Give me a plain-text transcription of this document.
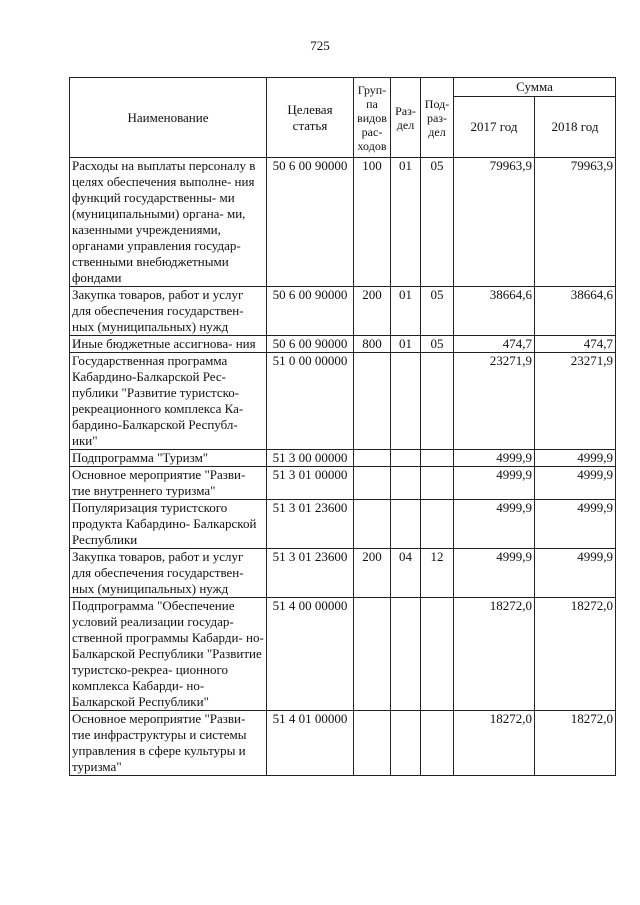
725
Наименование	Целевая статья	Груп- па видов рас- ходов	Раз- дел	Под- раз- дел	Сумма	
					2017 год	2018 год
Расходы на выплаты персоналу в целях обеспечения выполне- ния функций государственны- ми (муниципальными) органа- ми, казенными учреждениями, органами управления государ- ственными внебюджетными фондами	50 6 00 90000	100	01	05	79963,9	79963,9
Закупка товаров, работ и услуг для обеспечения государствен- ных (муниципальных) нужд	50 6 00 90000	200	01	05	38664,6	38664,6
Иные бюджетные ассигнова- ния	50 6 00 90000	800	01	05	474,7	474,7
Государственная программа Кабардино-Балкарской Рес- публики "Развитие туристско- рекреационного комплекса Ка- бардино-Балкарской Республ- ики"	51 0 00 00000				23271,9	23271,9
Подпрограмма "Туризм"	51 3 00 00000				4999,9	4999,9
Основное мероприятие "Разви- тие внутреннего туризма"	51 3 01 00000				4999,9	4999,9
Популяризация туристского продукта Кабардино- Балкарской Республики	51 3 01 23600				4999,9	4999,9
Закупка товаров, работ и услуг для обеспечения государствен- ных (муниципальных) нужд	51 3 01 23600	200	04	12	4999,9	4999,9
Подпрограмма "Обеспечение условий реализации государ- ственной программы Кабарди- но-Балкарской Республики "Развитие туристско-рекреа- ционного комплекса Кабарди- но-Балкарской Республики"	51 4 00 00000				18272,0	18272,0
Основное мероприятие "Разви- тие инфраструктуры и системы управления в сфере культуры и туризма"	51 4 01 00000				18272,0	18272,0
